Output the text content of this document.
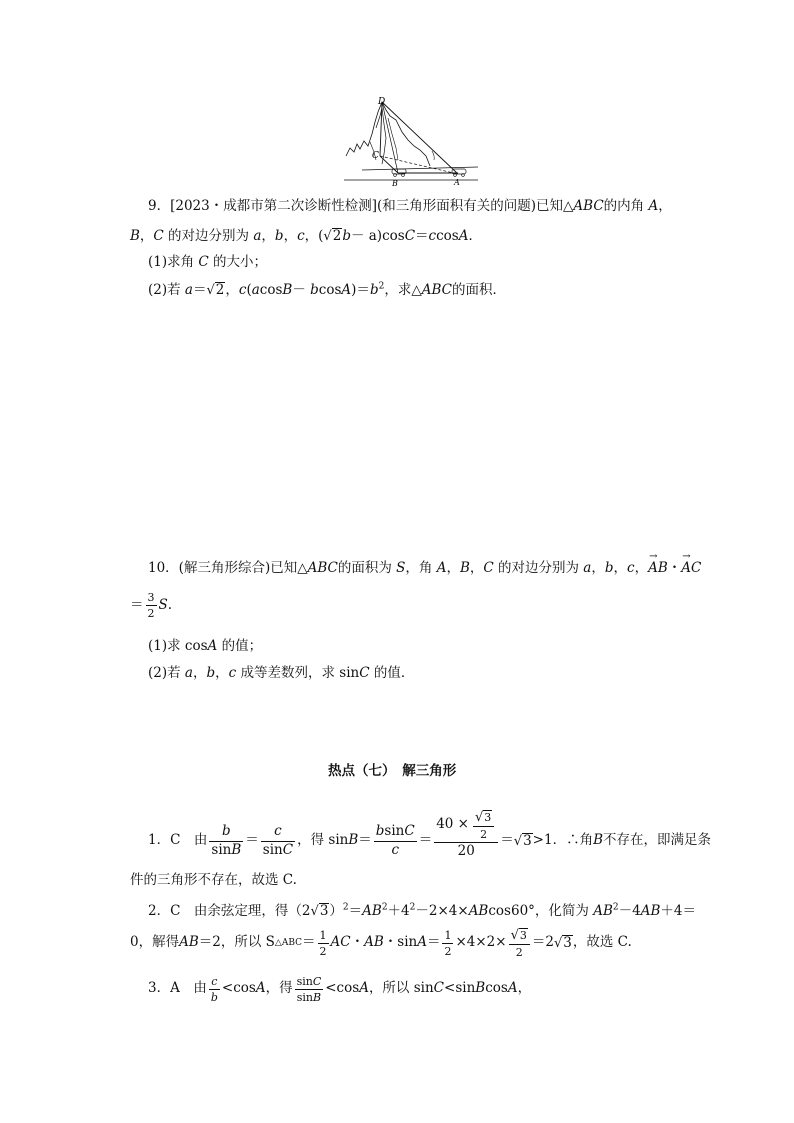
D
C
B	A
9．[2023・成都市第二次诊断性检测](和三角形面积有关的问题)已知△ABC的内角 A，
B，C 的对边分别为 a，b，c，(√2b－ a)cosC＝ccosA．
(1)求角 C 的大小；
(2)若 a＝√2，$c(acosB- bcosA)=b^2$，求△ABC的面积．
10．(解三角形综合)已知△ABC的面积为 S，角 A，B，C 的对边分别为 a，b，c，→ AB・→ AC
＝ $\frac{3}{2} S$.
(1)求 cosA 的值；
(2)若 a，b，c 成等差数列，求 sinC 的值．
热点（七）　解三角形
1．C　由 $\frac{b}{\sin B} = \frac{c}{\sin C}$ ，得 $\sin B = \frac{bsinC}{c} = \frac{40 \times \frac{√3}{2}}{20}$ ＝ √ 3 >1．∴角 B 不存在，即满足条
件的三角形不存在，故选 C.
2．C　由余弦定理，得$(2√3)^2=AB^2+4^2-2\times 4\times ABcos60^\circ$，化简为 $AB^2-4AB+4=$
0，解得 AB ＝2，所以 S △ABC ＝ $\frac{1}{2}$ AC ・ AB ・$\sin A = \frac{1}{2} \times 4\times 2\times \frac{√3}{2} =2$ √ 3 ，故选 C.
3．A　由 $\frac{c}{b} <\cos$ A ，得 $\frac{\sin C}{\sin B} <\cos$ A ，所以 sin C <sin B cos A ，
